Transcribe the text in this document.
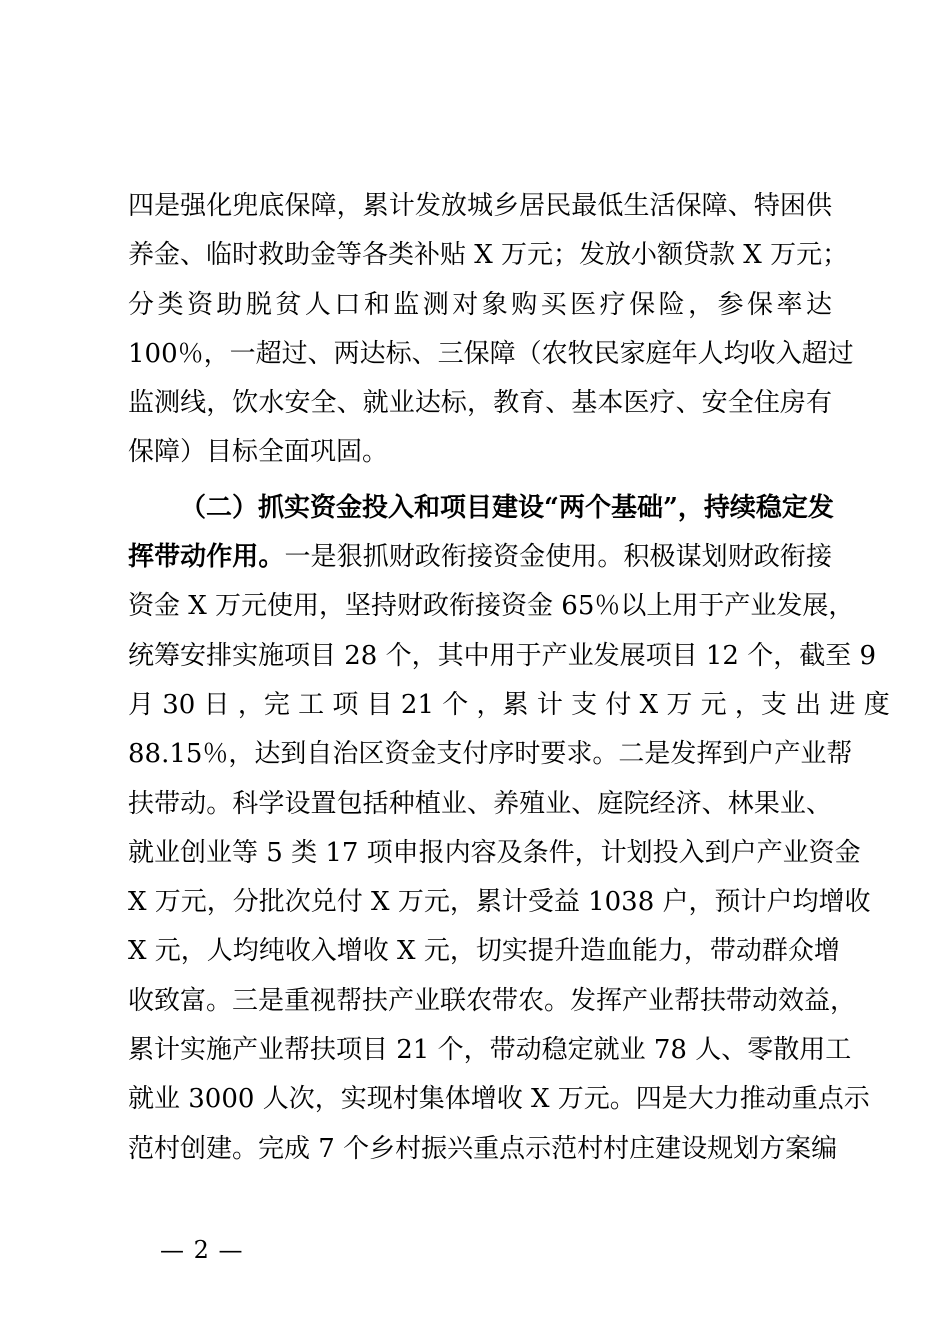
四是强化兜底保障，累计发放城乡居民最低生活保障、特困供
养金、临时救助金等各类补贴 X 万元；发放小额贷款 X 万元；
分类资助脱贫人口和监测对象购买医疗保险，参保率达
100％，一超过、两达标、三保障（农牧民家庭年人均收入超过
监测线，饮水安全、就业达标，教育、基本医疗、安全住房有
保障）目标全面巩固。
（二）抓实资金投入和项目建设“两个基础”，持续稳定发
挥带动作用。一是狠抓财政衔接资金使用。积极谋划财政衔接
资金 X 万元使用，坚持财政衔接资金 65％以上用于产业发展，
统筹安排实施项目 28 个，其中用于产业发展项目 12 个，截至 9
月 30 日 ，完 工 项 目 21 个 ，累 计 支 付 X 万 元 ，支 出 进 度
88.15％，达到自治区资金支付序时要求。二是发挥到户产业帮
扶带动。科学设置包括种植业、养殖业、庭院经济、林果业、
就业创业等 5 类 17 项申报内容及条件，计划投入到户产业资金
X 万元，分批次兑付 X 万元，累计受益 1038 户，预计户均增收
X 元，人均纯收入增收 X 元，切实提升造血能力，带动群众增
收致富。三是重视帮扶产业联农带农。发挥产业帮扶带动效益，
累计实施产业帮扶项目 21 个，带动稳定就业 78 人、零散用工
就业 3000 人次，实现村集体增收 X 万元。四是大力推动重点示
范村创建。完成 7 个乡村振兴重点示范村村庄建设规划方案编
— 2 —
